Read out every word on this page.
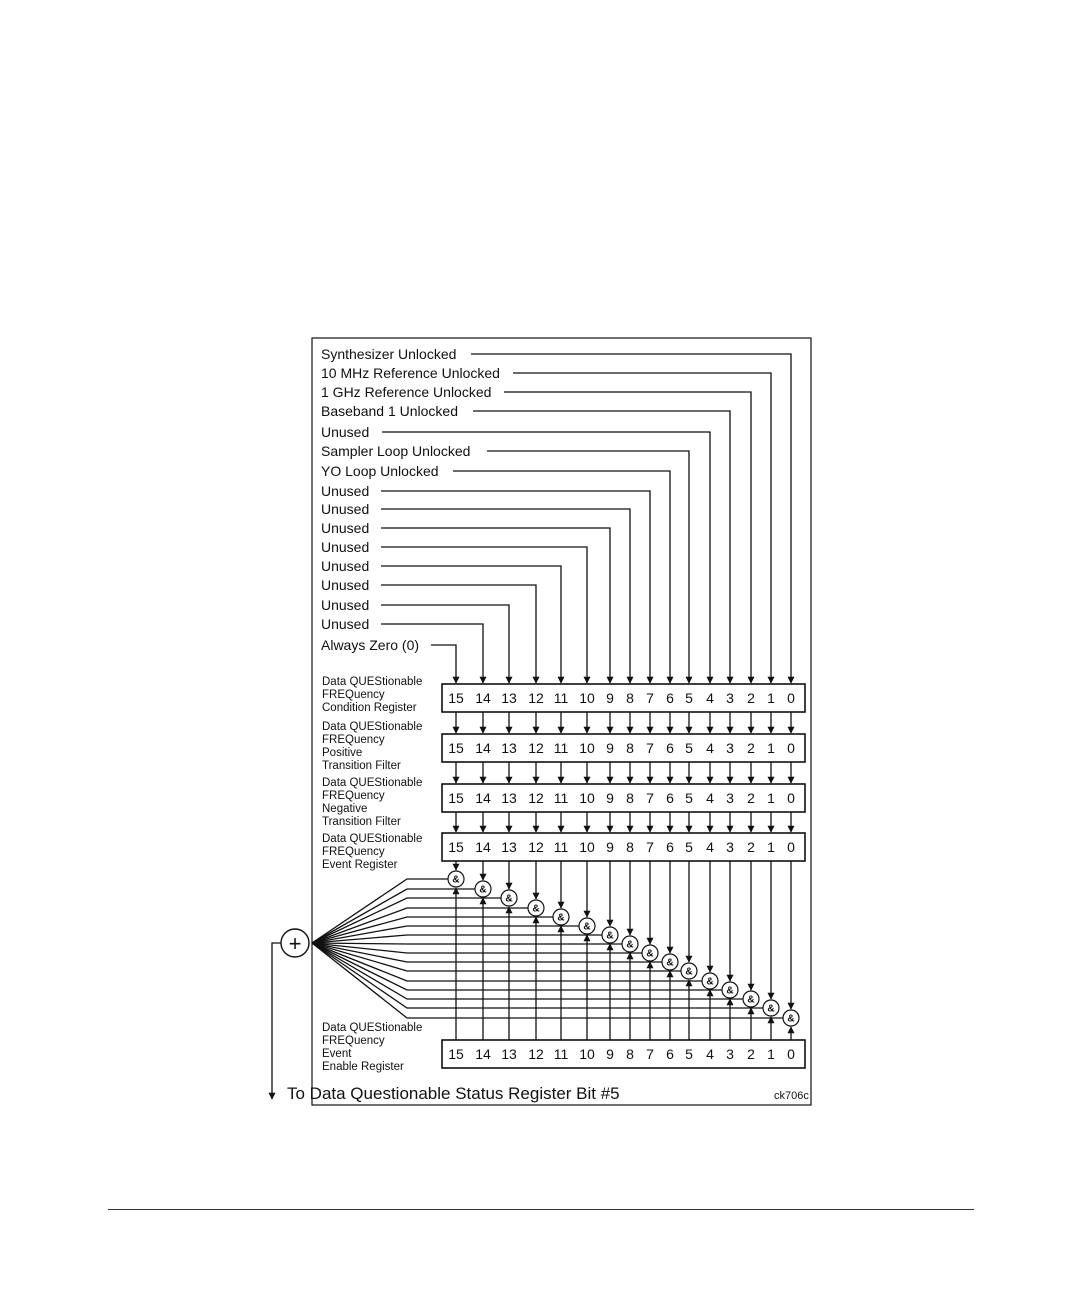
Synthesizer Unlocked
10 MHz Reference Unlocked
1 GHz Reference Unlocked
Baseband 1 Unlocked
Unused
Sampler Loop Unlocked
YO Loop Unlocked
Unused
Unused
Unused
Unused
Unused
Unused
Unused
Unused
Always Zero (0)
Data QUEStionable
FREQuency
Condition Register
15 14 13 12 11 10 9 8 7 6 5 4 3 2 1 0
Data QUEStionable
FREQuency
Positive
Transition Filter
15 14 13 12 11 10 9 8 7 6 5 4 3 2 1 0
Data QUEStionable
FREQuency
Negative
Transition Filter
15 14 13 12 11 10 9 8 7 6 5 4 3 2 1 0
Data QUEStionable
FREQuency
Event Register
15 14 13 12 11 10 9 8 7 6 5 4 3 2 1 0
Data QUEStionable
FREQuency
Event
Enable Register
15 14 13 12 11 10 9 8 7 6 5 4 3 2 1 0
&
&
&
&
&
&
&
&
&
&
&
&
&
&
&
&
+
To Data Questionable Status Register Bit #5	ck706c
